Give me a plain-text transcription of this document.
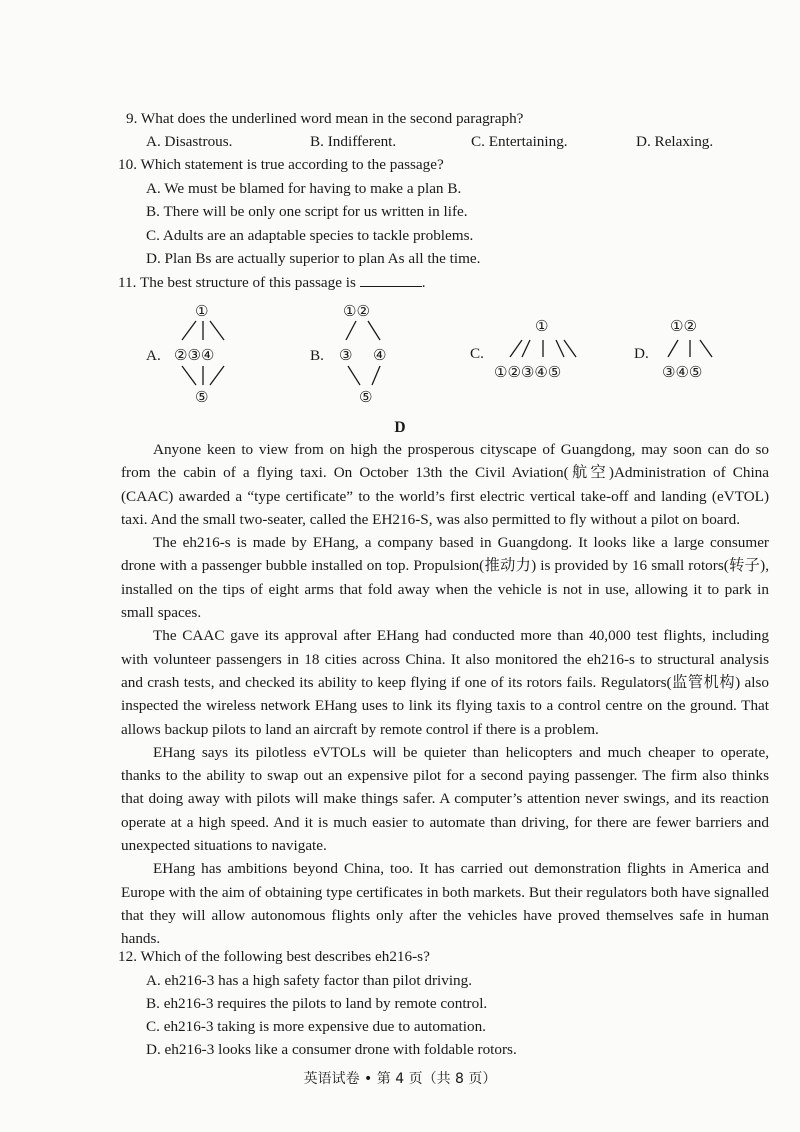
9. What does the underlined word mean in the second paragraph?
A. Disastrous.	B. Indifferent.	C. Entertaining.	D. Relaxing.
10. Which statement is true according to the passage?
A. We must be blamed for having to make a plan B.
B. There will be only one script for us written in life.
C. Adults are an adaptable species to tackle problems.
D. Plan Bs are actually superior to plan As all the time.
11. The best structure of this passage is	.
A.
①
②③④
⑤
B.
①②
③ ④
⑤
C.
①
①②③④⑤
D.
①②
③④⑤
D

Anyone keen to view from on high the prosperous cityscape of Guangdong, may soon can do so from the cabin of a flying taxi. On October 13th the Civil Aviation(航空)Administration of China (CAAC) awarded a “type certificate” to the world’s first electric vertical take-off and landing (eVTOL) taxi. And the small two-seater, called the EH216-S, was also permitted to fly without a pilot on board.

The eh216-s is made by EHang, a company based in Guangdong. It looks like a large consumer drone with a passenger bubble installed on top. Propulsion(推动力) is provided by 16 small rotors(转子), installed on the tips of eight arms that fold away when the vehicle is not in use, allowing it to park in small spaces.

The CAAC gave its approval after EHang had conducted more than 40,000 test flights, including with volunteer passengers in 18 cities across China. It also monitored the eh216-s to structural analysis and crash tests, and checked its ability to keep flying if one of its rotors fails. Regulators(监管机构) also inspected the wireless network EHang uses to link its flying taxis to a control centre on the ground. That allows backup pilots to land an aircraft by remote control if there is a problem.

EHang says its pilotless eVTOLs will be quieter than helicopters and much cheaper to operate, thanks to the ability to swap out an expensive pilot for a second paying passenger. The firm also thinks that doing away with pilots will make things safer. A computer’s attention never swings, and its reaction operate at a high speed. And it is much easier to automate than driving, for there are fewer barriers and unexpected situations to navigate.

EHang has ambitions beyond China, too. It has carried out demonstration flights in America and Europe with the aim of obtaining type certificates in both markets. But their regulators both have signalled that they will allow autonomous flights only after the vehicles have proved themselves safe in human hands.

12. Which of the following best describes eh216-s?
A. eh216-3 has a high safety factor than pilot driving.
B. eh216-3 requires the pilots to land by remote control.
C. eh216-3 taking is more expensive due to automation.
D. eh216-3 looks like a consumer drone with foldable rotors.
英语试卷 • 第 4 页（共 8 页）
